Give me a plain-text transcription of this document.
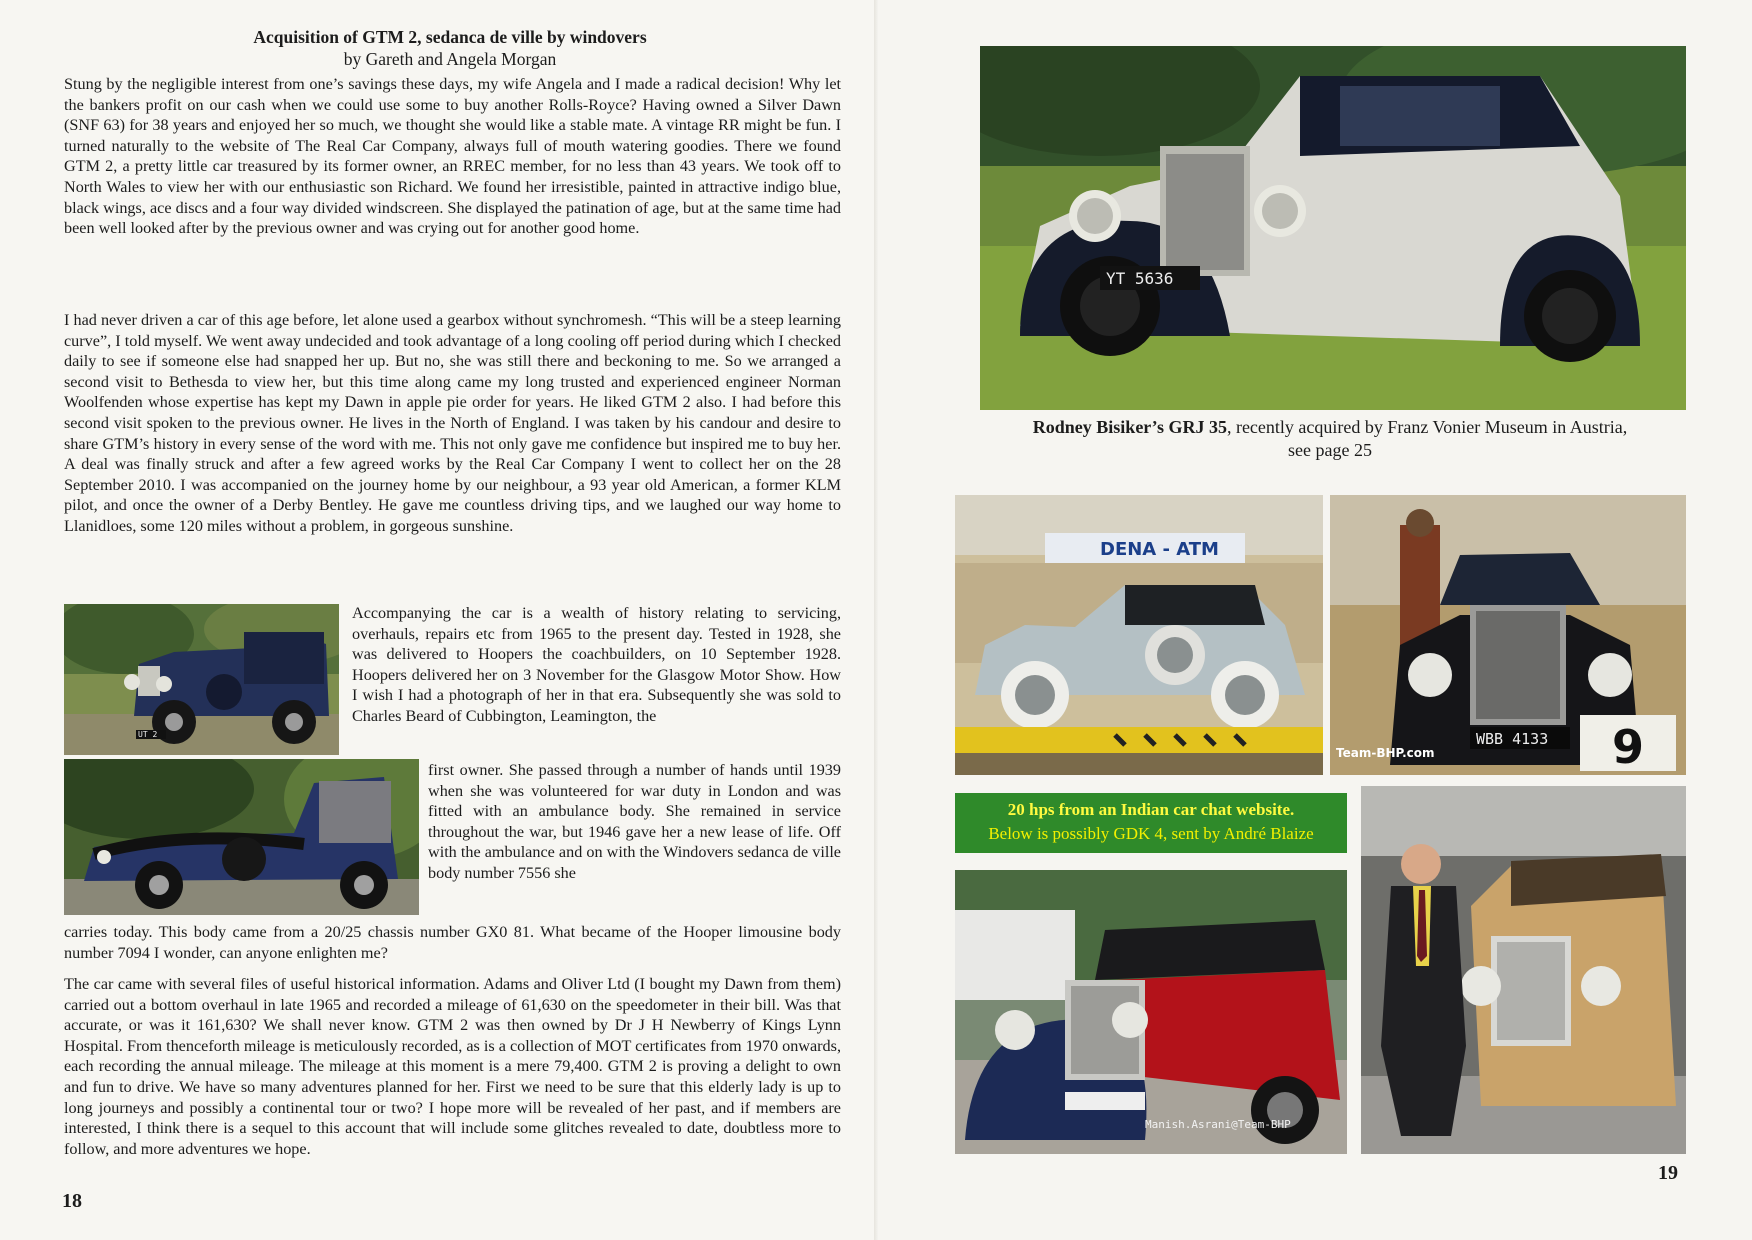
Acquisition of GTM 2, sedanca de ville by windovers
by Gareth and Angela Morgan

Stung by the negligible interest from one’s savings these days, my wife Angela and I made a radical decision! Why let the bankers profit on our cash when we could use some to buy another Rolls-Royce? Having owned a Silver Dawn (SNF 63) for 38 years and enjoyed her so much, we thought she would like a stable mate. A vintage RR might be fun. I turned naturally to the website of The Real Car Company, always full of mouth watering goodies. There we found GTM 2, a pretty little car treasured by its former owner, an RREC member, for no less than 43 years. We took off to North Wales to view her with our enthusiastic son Richard. We found her irresistible, painted in attractive indigo blue, black wings, ace discs and a four way divided windscreen. She displayed the patination of age, but at the same time had been well looked after by the previous owner and was crying out for another good home.

I had never driven a car of this age before, let alone used a gearbox without synchromesh. “This will be a steep learning curve”, I told myself. We went away undecided and took advantage of a long cooling off period during which I checked daily to see if someone else had snapped her up. But no, she was still there and beckoning to me. So we arranged a second visit to Bethesda to view her, but this time along came my long trusted and experienced engineer Norman Woolfenden whose expertise has kept my Dawn in apple pie order for years. He liked GTM 2 also. I had before this second visit spoken to the previous owner. He lives in the North of England. I was taken by his candour and desire to share GTM’s history in every sense of the word with me. This not only gave me confidence but inspired me to buy her. A deal was finally struck and after a few agreed works by the Real Car Company I went to collect her on the 28 September 2010. I was accompanied on the journey home by our neighbour, a 93 year old American, a former KLM pilot, and once the owner of a Derby Bentley. He gave me countless driving tips, and we laughed our way home to Llanidloes, some 120 miles without a problem, in gorgeous sunshine.

Accompanying the car is a wealth of history relating to servicing, overhauls, repairs etc from 1965 to the present day. Tested in 1928, she was delivered to Hoopers the coachbuilders, on 10 September 1928. Hoopers delivered her on 3 November for the Glasgow Motor Show. How I wish I had a photograph of her in that era. Subsequently she was sold to Charles Beard of Cubbington, Leamington, the

first owner. She passed through a number of hands until 1939 when she was volunteered for war duty in London and was fitted with an ambulance body. She remained in service throughout the war, but 1946 gave her a new lease of life. Off with the ambulance and on with the Windovers sedanca de ville body number 7556 she

carries today. This body came from a 20/25 chassis number GX0 81. What became of the Hooper limousine body number 7094 I wonder, can anyone enlighten me?

The car came with several files of useful historical information. Adams and Oliver Ltd (I bought my Dawn from them) carried out a bottom overhaul in late 1965 and recorded a mileage of 61,630 on the speedometer in their bill. Was that accurate, or was it 161,630? We shall never know. GTM 2 was then owned by Dr J H Newberry of Kings Lynn Hospital. From thenceforth mileage is meticulously recorded, as is a collection of MOT certificates from 1970 onwards, each recording the annual mileage. The mileage at this moment is a mere 79,400. GTM 2 is proving a delight to own and fun to drive. We have so many adventures planned for her. First we need to be sure that this elderly lady is up to long journeys and possibly a continental tour or two? I hope more will be revealed of her past, and if members are interested, I think there is a sequel to this account that will include some glitches revealed to date, doubtless more to follow, and more adventures we hope.

UT 2
18
YT 5636
Rodney Bisiker’s GRJ 35, recently acquired by Franz Vonier Museum in Austria,
see page 25
DENA - ATM
WBB 4133 9
Team-BHP.com
20 hps from an Indian car chat website.
Below is possibly GDK 4, sent by André Blaize
Manish.Asrani@Team-BHP
19
